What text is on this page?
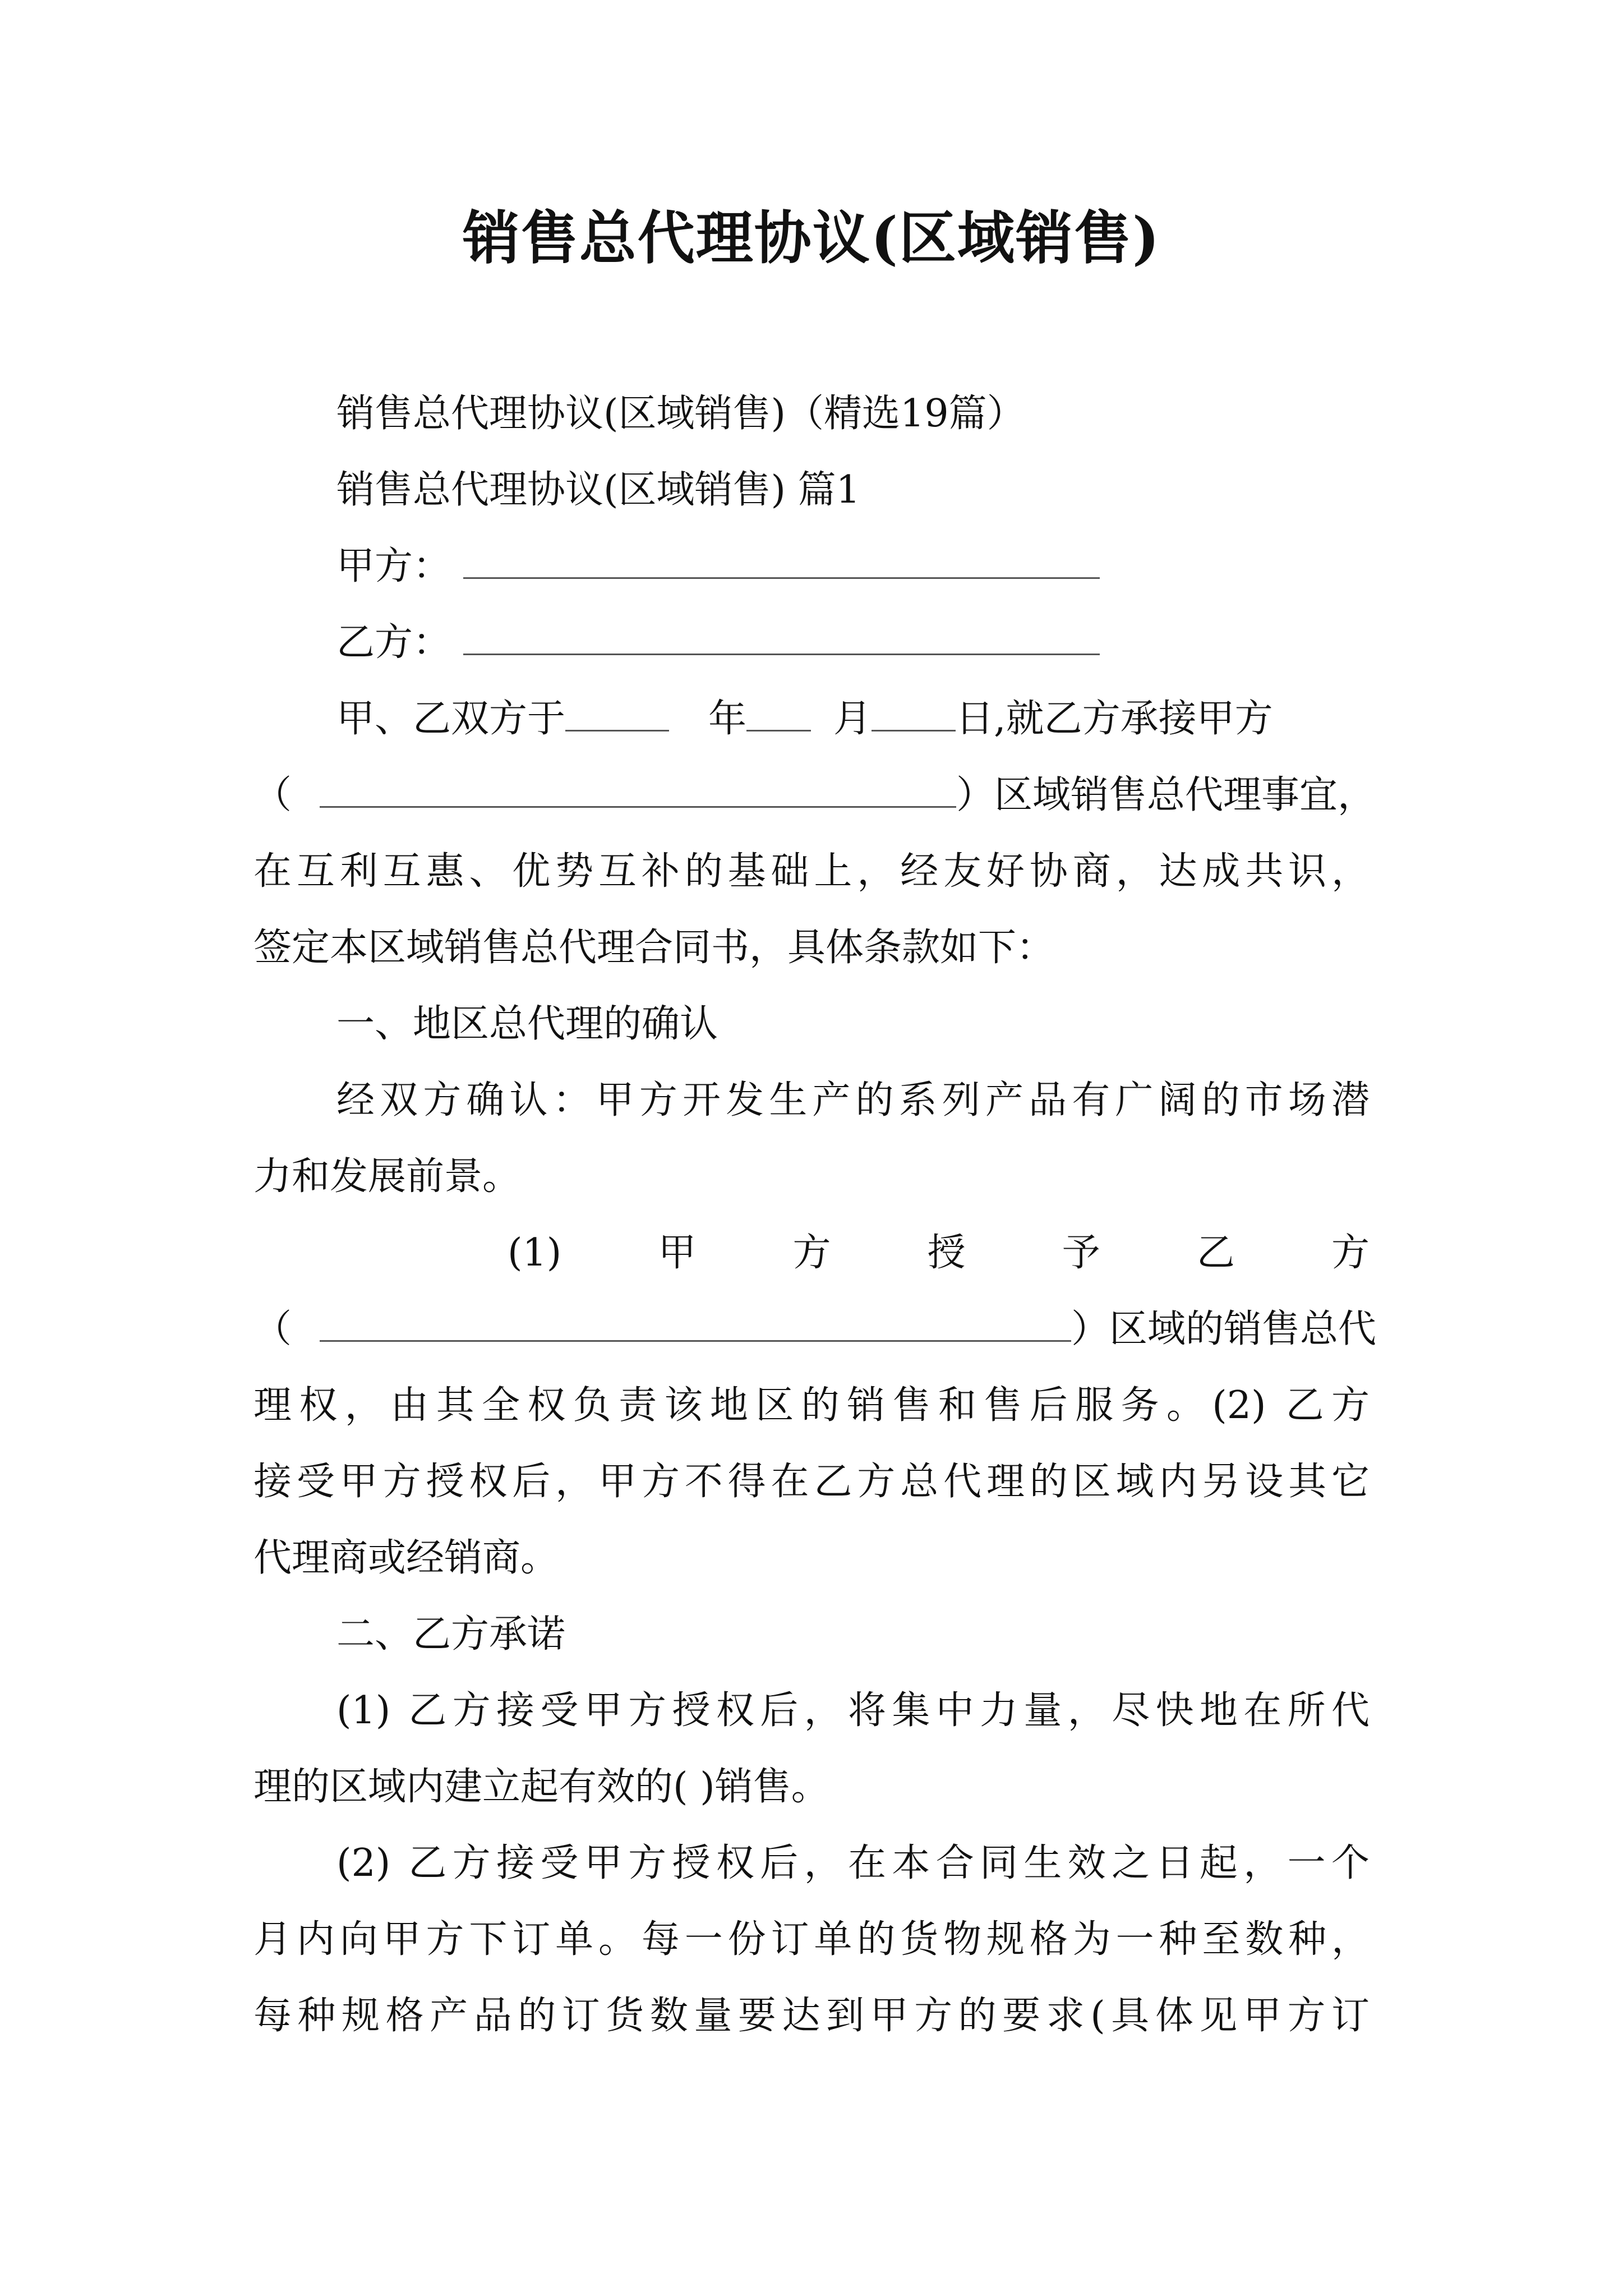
销售总代理协议(区域销售)
销售总代理协议(区域销售)（精选19篇）
销售总代理协议(区域销售) 篇1
甲方：
乙方：
甲、乙双方于	年 月 日,就乙方承接甲方
（	）区域销售总代理事宜，
在互利互惠、优势互补的基础上，经友好协商，达成共识，
签定本区域销售总代理合同书，具体条款如下：
一、地区总代理的确认
经双方确认：甲方开发生产的系列产品有广阔的市场潜
力和发展前景。
(1)	甲	方	授	予	乙	方
（	）区域的销售总代
理权，由其全权负责该地区的销售和售后服务。(2) 乙方
接受甲方授权后，甲方不得在乙方总代理的区域内另设其它
代理商或经销商。
二、乙方承诺
(1) 乙方接受甲方授权后，将集中力量，尽快地在所代
理的区域内建立起有效的( )销售。
(2) 乙方接受甲方授权后，在本合同生效之日起，一个
月内向甲方下订单。每一份订单的货物规格为一种至数种，
每种规格产品的订货数量要达到甲方的要求(具体见甲方订
